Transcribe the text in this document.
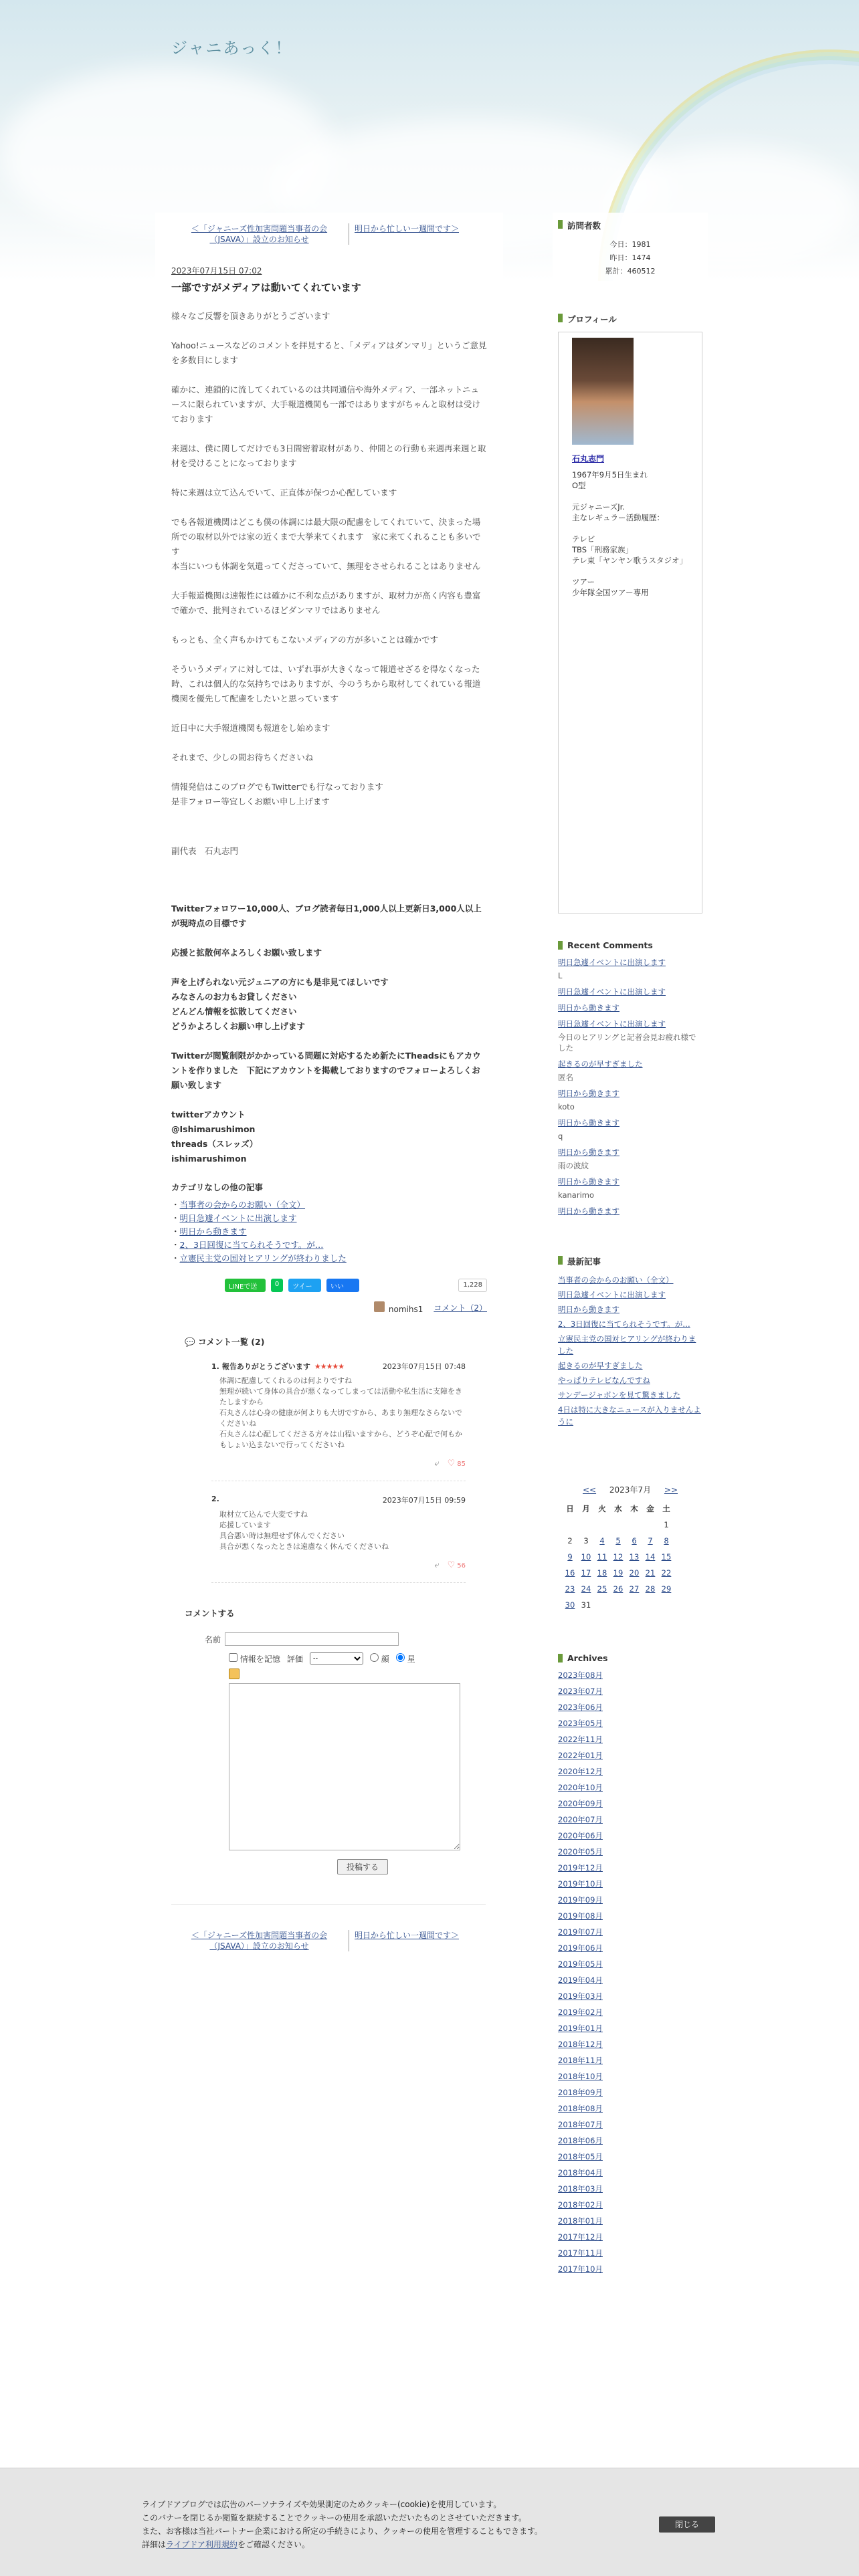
ジャニあっく！
＜「ジャニーズ性加害問題当事者の会（JSAVA）」設立のお知らせ
明日から忙しい一週間です＞
2023年07月15日 07:02
一部ですがメディアは動いてくれています

様々なご反響を頂きありがとうございます

Yahoo!ニュースなどのコメントを拝見すると、「メディアはダンマリ」というご意見を多数目にします

確かに、連鎖的に流してくれているのは共同通信や海外メディア、一部ネットニュースに限られていますが、大手報道機関も一部ではありますがちゃんと取材は受けております

来週は、僕に関してだけでも3日間密着取材があり、仲間との行動も来週再来週と取材を受けることになっております

特に来週は立て込んでいて、正直体が保つか心配しています

でも各報道機関はどこも僕の体調には最大限の配慮をしてくれていて、決まった場所での取材以外では家の近くまで大挙来てくれます　家に来てくれることも多いです
本当にいつも体調を気遣ってくださっていて、無理をさせられることはありません

大手報道機関は速報性には確かに不利な点がありますが、取材力が高く内容も豊富で確かで、批判されているほどダンマリではありません

もっとも、全く声もかけてもこないメディアの方が多いことは確かです

そういうメディアに対しては、いずれ事が大きくなって報道せざるを得なくなった時、これは個人的な気持ちではありますが、今のうちから取材してくれている報道機関を優先して配慮をしたいと思っています

近日中に大手報道機関も報道をし始めます

それまで、少しの間お待ちくださいね

情報発信はこのブログでもTwitterでも行なっております
是非フォロー等宜しくお願い申し上げます

副代表　石丸志門

Twitterフォロワー10,000人、ブログ読者毎日1,000人以上更新日3,000人以上が現時点の目標です

応援と拡散何卒よろしくお願い致します

声を上げられない元ジュニアの方にも是非見てほしいです
みなさんのお力もお貸しください
どんどん情報を拡散してください
どうかよろしくお願い申し上げます

Twitterが閲覧制限がかかっている問題に対応するため新たにTheadsにもアカウントを作りました　下記にアカウントを掲載しておりますのでフォローよろしくお願い致します

twitterアカウント
@Ishimarushimon
threads（スレッズ）
ishimarushimon

カテゴリなしの他の記事
・当事者の会からのお願い（全文）
・明日急遽イベントに出演します
・明日から動きます
・2、3日回復に当てられそうです。が…
・立憲民主党の国対ヒアリングが終わりました
LINEで送る
0	ツイート
いいね！
1,228
nomihs1 コメント（2）
💬 コメント一覧 (2)
1. 報告ありがとうございます ★★★★★	2023年07月15日 07:48
体調に配慮してくれるのは何よりですね
無理が続いて身体の具合が悪くなってしまっては活動や私生活に支障をきたしますから
石丸さんは心身の健康が何よりも大切ですから、あまり無理なさらないでくださいね
石丸さんは心配してくださる方々は山程いますから、どうぞ心配で何もかもしょい込まないで行ってくださいね
⤶ ♡ 85
2.	2023年07月15日 09:59
取材立て込んで大変ですね
応援しています
具合悪い時は無理せず休んでください
具合が悪くなったときは遠慮なく休んでくださいね
⤶ ♡ 56
コメントする
名前
情報を記憶 評価
--	顔	星
投稿する
＜「ジャニーズ性加害問題当事者の会（JSAVA）」設立のお知らせ
明日から忙しい一週間です＞
訪問者数
今日：1981
昨日：1474
累計：460512
プロフィール
石丸志門
1967年9月5日生まれ
O型

元ジャニーズJr.
主なレギュラー活動履歴：

テレビ
TBS「刑務家族」
テレ東「ヤンヤン歌うスタジオ」

ツアー
少年隊全国ツアー専用
Recent Comments
明日急遽イベントに出演します
L
明日急遽イベントに出演します
明日から動きます
明日急遽イベントに出演します
今日のヒアリングと記者会見お疲れ様でした
起きるのが早すぎました
匿名
明日から動きます
koto
明日から動きます
q
明日から動きます
雨の波紋
明日から動きます
kanarimo
明日から動きます
最新記事
当事者の会からのお願い（全文）
明日急遽イベントに出演します
明日から動きます
2、3日回復に当てられそうです。が…
立憲民主党の国対ヒアリングが終わりました
起きるのが早すぎました
やっぱりテレビなんですね
サンデージャポンを見て驚きました
4日は特に大きなニュースが入りませんように
<< 2023年7月 >>
日	月	火	水	木	金	土
						1
2	3	4	5	6	7	8
9	10	11	12	13	14	15
16	17	18	19	20	21	22
23	24	25	26	27	28	29
30	31					
Archives
2023年08月
2023年07月
2023年06月
2023年05月
2022年11月
2022年01月
2020年12月
2020年10月
2020年09月
2020年07月
2020年06月
2020年05月
2019年12月
2019年10月
2019年09月
2019年08月
2019年07月
2019年06月
2019年05月
2019年04月
2019年03月
2019年02月
2019年01月
2018年12月
2018年11月
2018年10月
2018年09月
2018年08月
2018年07月
2018年06月
2018年05月
2018年04月
2018年03月
2018年02月
2018年01月
2017年12月
2017年11月
2017年10月
ライブドアブログでは広告のパーソナライズや効果測定のためクッキー(cookie)を使用しています。
このバナーを閉じるか閲覧を継続することでクッキーの使用を承認いただいたものとさせていただきます。
また、お客様は当社パートナー企業における所定の手続きにより、クッキーの使用を管理することもできます。
詳細はライブドア利用規約をご確認ください。
閉じる
